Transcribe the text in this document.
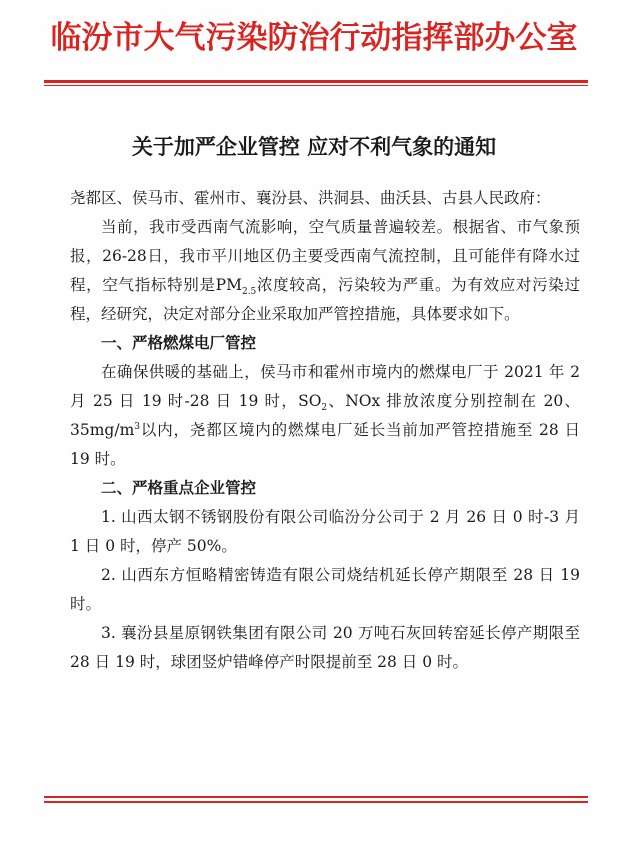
临汾市大气污染防治行动指挥部办公室
关于加严企业管控 应对不利气象的通知

尧都区、侯马市、霍州市、襄汾县、洪洞县、曲沃县、古县人民政府：

当前，我市受西南气流影响，空气质量普遍较差。根据省、市气象预报，26-28日，我市平川地区仍主要受西南气流控制，且可能伴有降水过程，空气指标特别是$PM_{2.5}$浓度较高，污染较为严重。为有效应对污染过程，经研究，决定对部分企业采取加严管控措施，具体要求如下。

一、严格燃煤电厂管控

在确保供暖的基础上，侯马市和霍州市境内的燃煤电厂于 2021 年 2 月 25 日 19 时-28 日 19 时，$SO_2$、NOx 排放浓度分别控制在 20、$35mg/m^3$以内，尧都区境内的燃煤电厂延长当前加严管控措施至 28 日 19 时。

二、严格重点企业管控

1. 山西太钢不锈钢股份有限公司临汾分公司于 2 月 26 日 0 时-3 月 1 日 0 时，停产 50%。

2. 山西东方恒略精密铸造有限公司烧结机延长停产期限至 28 日 19 时。

3. 襄汾县星原钢铁集团有限公司 20 万吨石灰回转窑延长停产期限至 28 日 19 时，球团竖炉错峰停产时限提前至 28 日 0 时。
